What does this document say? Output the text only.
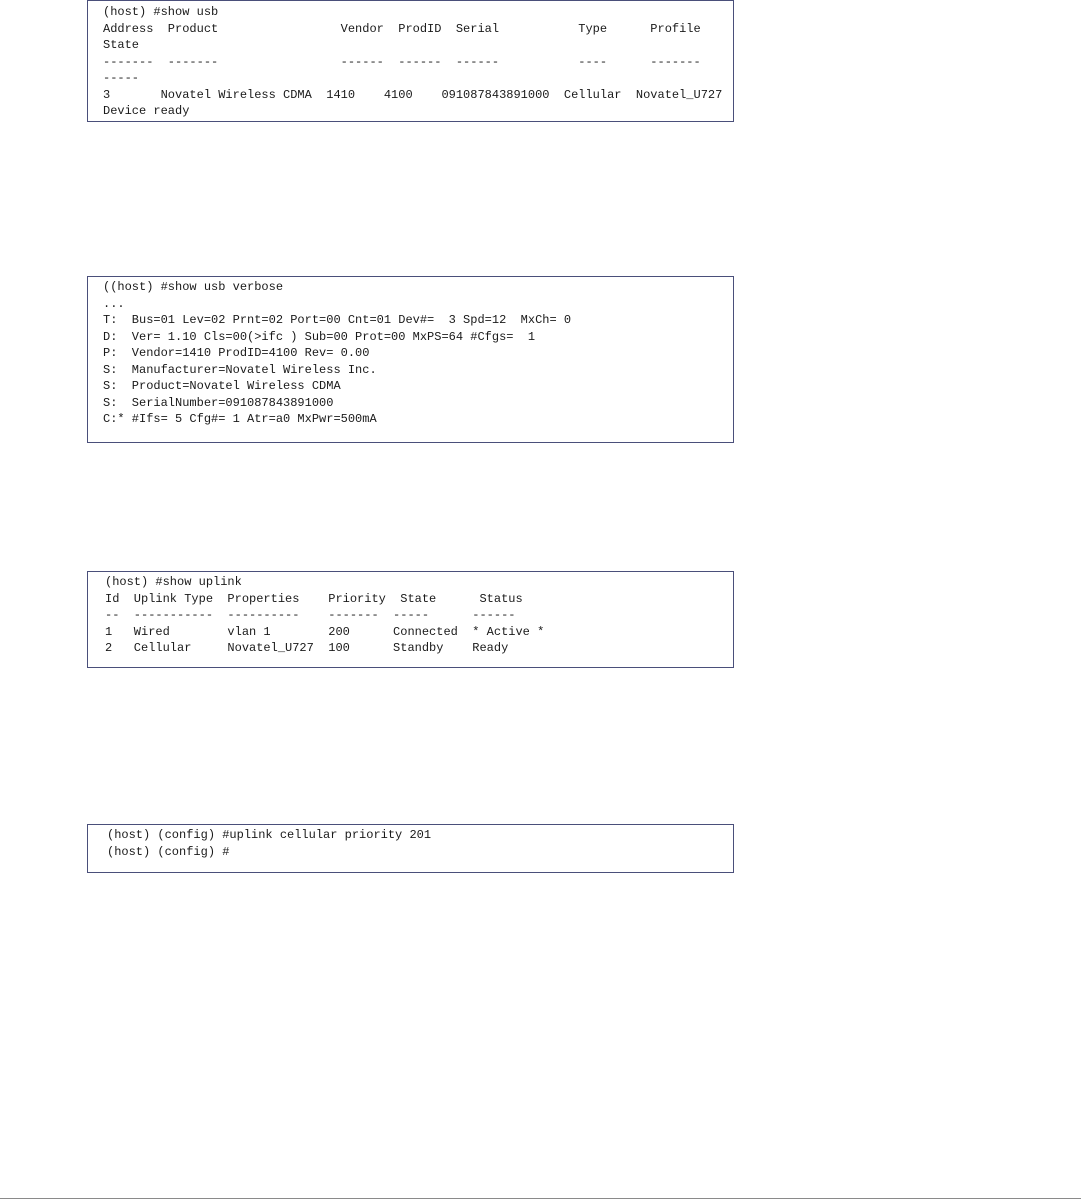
(host) #show usb
Address  Product                 Vendor  ProdID  Serial           Type      Profile
State
-------  -------                 ------  ------  ------           ----      -------
-----
3       Novatel Wireless CDMA  1410    4100    091087843891000  Cellular  Novatel_U727
Device ready
((host) #show usb verbose
...
T:  Bus=01 Lev=02 Prnt=02 Port=00 Cnt=01 Dev#=  3 Spd=12  MxCh= 0
D:  Ver= 1.10 Cls=00(>ifc ) Sub=00 Prot=00 MxPS=64 #Cfgs=  1
P:  Vendor=1410 ProdID=4100 Rev= 0.00
S:  Manufacturer=Novatel Wireless Inc.
S:  Product=Novatel Wireless CDMA
S:  SerialNumber=091087843891000
C:* #Ifs= 5 Cfg#= 1 Atr=a0 MxPwr=500mA
(host) #show uplink
Id  Uplink Type  Properties    Priority  State      Status
--  -----------  ----------    -------  -----      ------
1   Wired        vlan 1        200      Connected  * Active *
2   Cellular     Novatel_U727  100      Standby    Ready
(host) (config) #uplink cellular priority 201
(host) (config) #
